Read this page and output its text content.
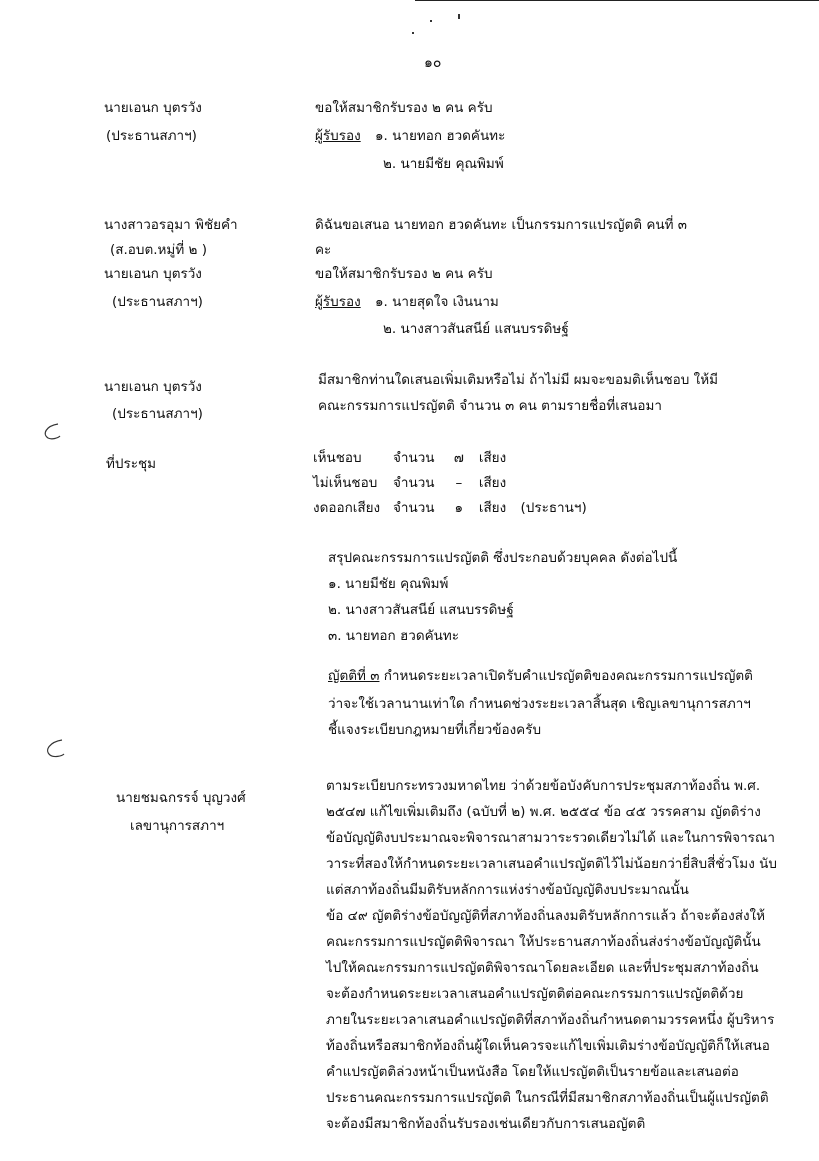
๑๐
นายเอนก บุตรวัง
(ประธานสภาฯ)
ขอให้สมาชิกรับรอง ๒ คน ครับ
ผู้รับรอง ๑. นายทอก ฮวดคันทะ
๒. นายมีชัย คุณพิมพ์
นางสาวอรอุมา พิชัยคำ
(ส.อบต.หมู่ที่ ๒ )
ดิฉันขอเสนอ นายทอก ฮวดคันทะ เป็นกรรมการแปรญัตติ คนที่ ๓
คะ
นายเอนก บุตรวัง
(ประธานสภาฯ)
ขอให้สมาชิกรับรอง ๒ คน ครับ
ผู้รับรอง ๑. นายสุดใจ เงินนาม
๒. นางสาวสันสนีย์ แสนบรรดิษฐ์
นายเอนก บุตรวัง
(ประธานสภาฯ)
มีสมาชิกท่านใดเสนอเพิ่มเติมหรือไม่ ถ้าไม่มี ผมจะขอมติเห็นชอบ ให้มี
คณะกรรมการแปรญัตติ จำนวน ๓ คน ตามรายชื่อที่เสนอมา
ที่ประชุม	เห็นชอบ จำนวน ๗ เสียง
ไม่เห็นชอบ จำนวน – เสียง
งดออกเสียง จำนวน ๑ เสียง (ประธานฯ)
สรุปคณะกรรมการแปรญัตติ ซึ่งประกอบด้วยบุคคล ดังต่อไปนี้
๑. นายมีชัย คุณพิมพ์
๒. นางสาวสันสนีย์ แสนบรรดิษฐ์
๓. นายทอก ฮวดคันทะ
ญัตติที่ ๓ กำหนดระยะเวลาเปิดรับคำแปรญัตติของคณะกรรมการแปรญัตติ
ว่าจะใช้เวลานานเท่าใด กำหนดช่วงระยะเวลาสิ้นสุด เชิญเลขานุการสภาฯ
ชี้แจงระเบียบกฎหมายที่เกี่ยวข้องครับ
นายชมฉกรรจ์ บุญวงศ์
เลขานุการสภาฯ
ตามระเบียบกระทรวงมหาดไทย ว่าด้วยข้อบังคับการประชุมสภาท้องถิ่น พ.ศ.
๒๕๔๗ แก้ไขเพิ่มเติมถึง (ฉบับที่ ๒) พ.ศ. ๒๕๕๔ ข้อ ๔๕ วรรคสาม ญัตติร่าง
ข้อบัญญัติงบประมาณจะพิจารณาสามวาระรวดเดียวไม่ได้ และในการพิจารณา
วาระที่สองให้กำหนดระยะเวลาเสนอคำแปรญัตติไว้ไม่น้อยกว่ายี่สิบสี่ชั่วโมง นับ
แต่สภาท้องถิ่นมีมติรับหลักการแห่งร่างข้อบัญญัติงบประมาณนั้น
ข้อ ๔๙ ญัตติร่างข้อบัญญัติที่สภาท้องถิ่นลงมติรับหลักการแล้ว ถ้าจะต้องส่งให้
คณะกรรมการแปรญัตติพิจารณา ให้ประธานสภาท้องถิ่นส่งร่างข้อบัญญัตินั้น
ไปให้คณะกรรมการแปรญัตติพิจารณาโดยละเอียด และที่ประชุมสภาท้องถิ่น
จะต้องกำหนดระยะเวลาเสนอคำแปรญัตติต่อคณะกรรมการแปรญัตติด้วย
ภายในระยะเวลาเสนอคำแปรญัตติที่สภาท้องถิ่นกำหนดตามวรรคหนึ่ง ผู้บริหาร
ท้องถิ่นหรือสมาชิกท้องถิ่นผู้ใดเห็นควรจะแก้ไขเพิ่มเติมร่างข้อบัญญัติก็ให้เสนอ
คำแปรญัตติล่วงหน้าเป็นหนังสือ โดยให้แปรญัตติเป็นรายข้อและเสนอต่อ
ประธานคณะกรรมการแปรญัตติ ในกรณีที่มีสมาชิกสภาท้องถิ่นเป็นผู้แปรญัตติ
จะต้องมีสมาชิกท้องถิ่นรับรองเช่นเดียวกับการเสนอญัตติ
